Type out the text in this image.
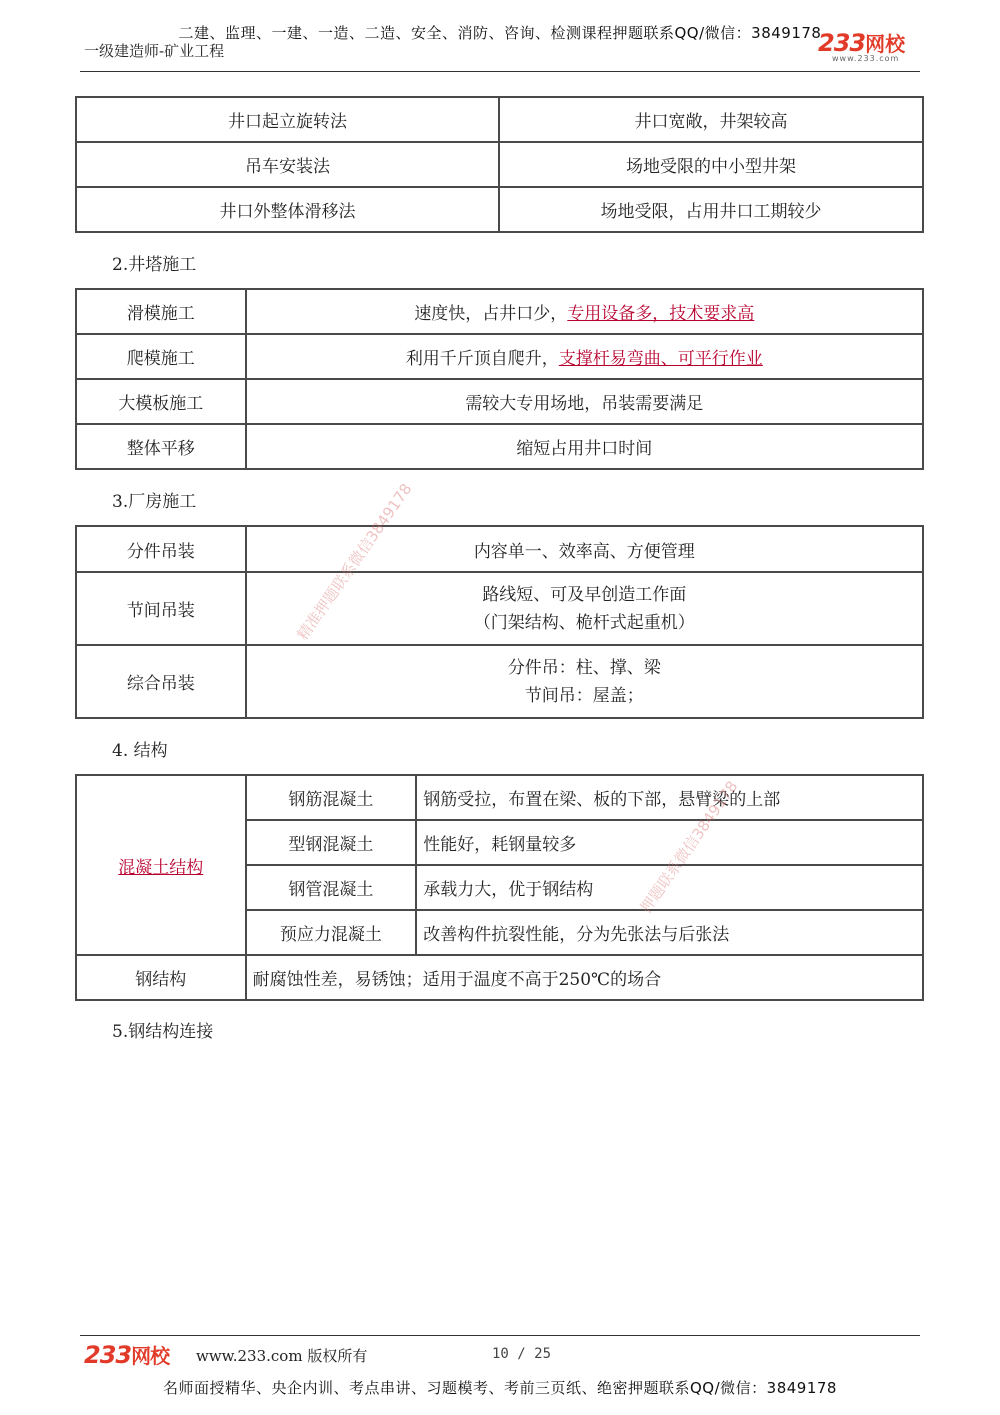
二建、监理、一建、一造、二造、安全、消防、咨询、检测课程押题联系QQ/微信：3849178
一级建造师-矿业工程	233网校
www.233.com
井口起立旋转法	井口宽敞，井架较高
吊车安装法	场地受限的中小型井架
井口外整体滑移法	场地受限，占用井口工期较少
2.井塔施工
滑模施工	速度快，占井口少，专用设备多，技术要求高
爬模施工	利用千斤顶自爬升，支撑杆易弯曲、可平行作业
大模板施工	需较大专用场地，吊装需要满足
整体平移	缩短占用井口时间
3.厂房施工
分件吊装	内容单一、效率高、方便管理
节间吊装	路线短、可及早创造工作面
（门架结构、桅杆式起重机）

综合吊装	分件吊：柱、撑、梁
节间吊：屋盖；
4. 结构
混凝土结构	钢筋混凝土	钢筋受拉，布置在梁、板的下部，悬臂梁的上部
	型钢混凝土	性能好，耗钢量较多
	钢管混凝土	承载力大，优于钢结构
	预应力混凝土	改善构件抗裂性能，分为先张法与后张法
钢结构	耐腐蚀性差，易锈蚀；适用于温度不高于250℃的场合	
5.钢结构连接
精准押题联系微信3849178
押题联系微信3849178
233网校 www.233.com 版权所有	10 / 25
名师面授精华、央企内训、考点串讲、习题模考、考前三页纸、绝密押题联系QQ/微信：3849178
